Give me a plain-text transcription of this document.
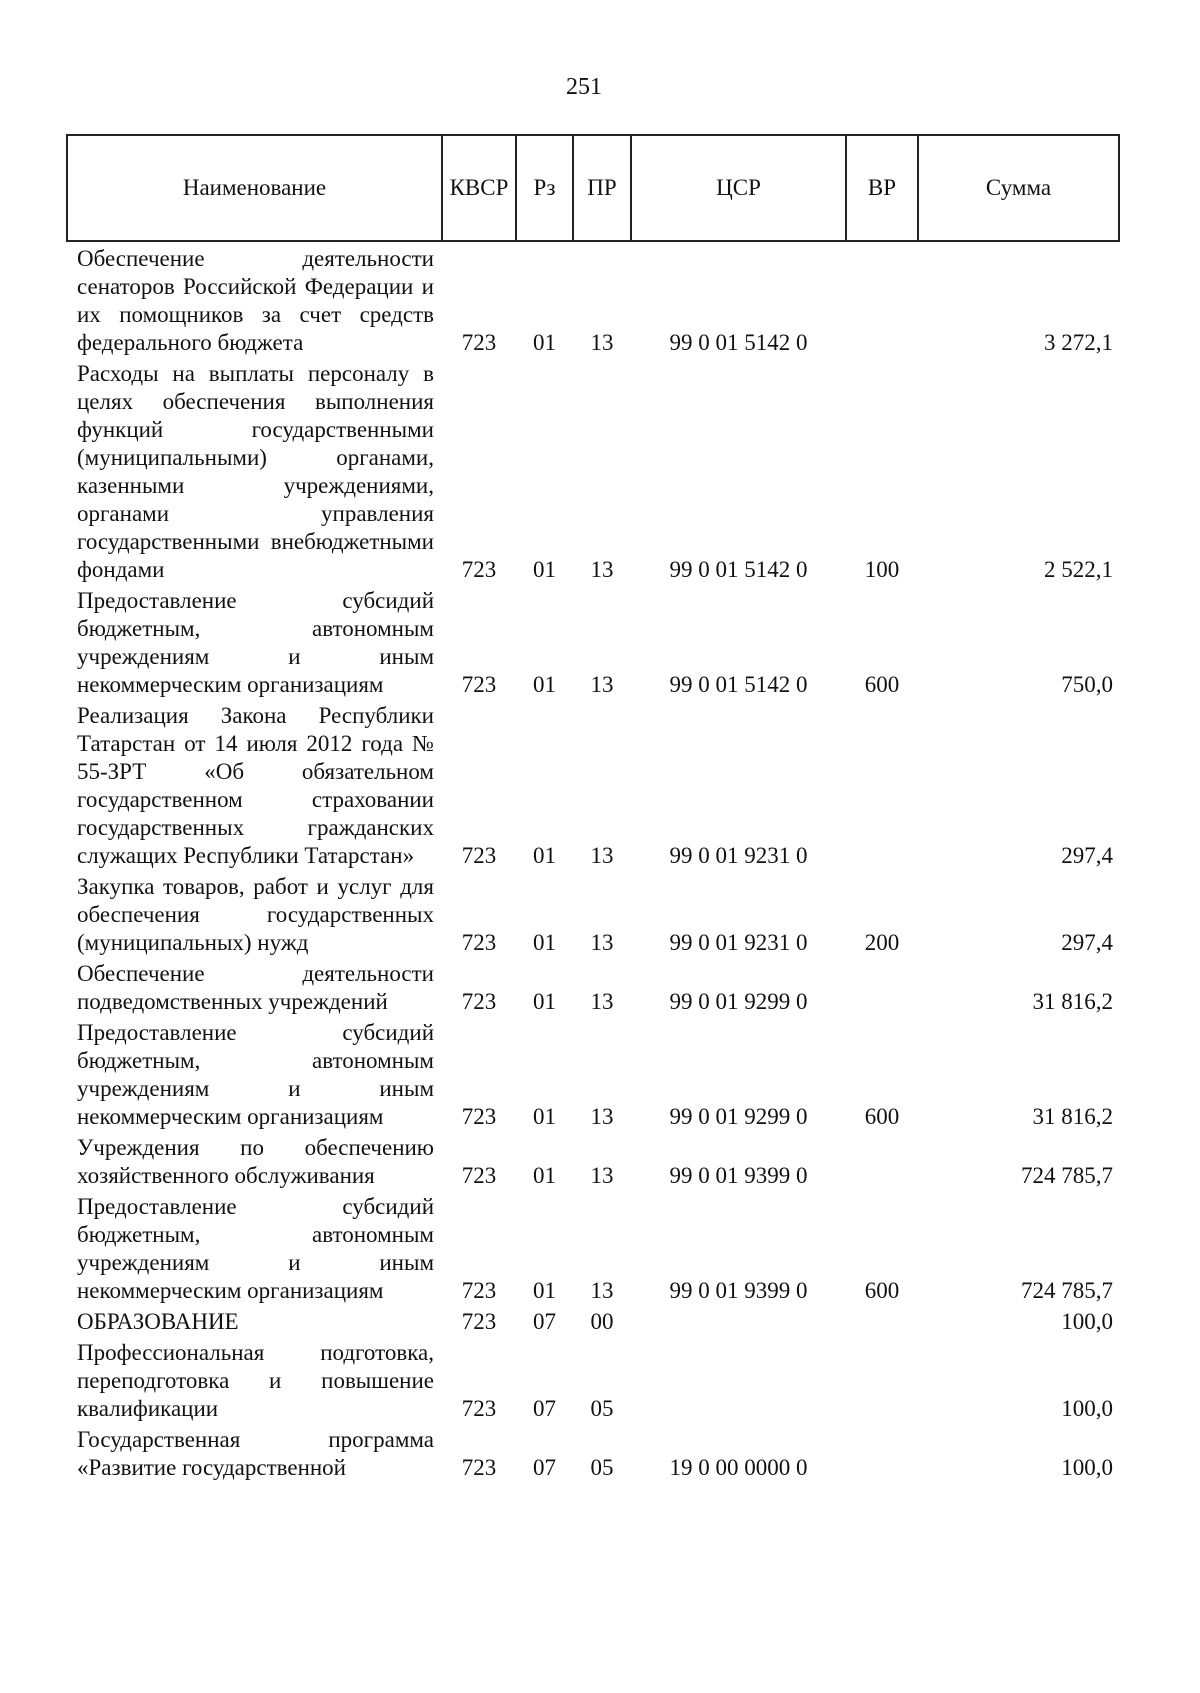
251
Наименование	КВСР	Рз	ПР	ЦСР	ВР	Сумма
Обеспечение деятельности сенаторов Российской Федерации и их помощников за счет средств федерального бюджета	723	01	13	99 0 01 5142 0		3 272,1
Расходы на выплаты персоналу в целях обеспечения выполнения функций государственными (муниципальными) органами, казенными учреждениями, органами управления государственными внебюджетными фондами	723	01	13	99 0 01 5142 0	100	2 522,1
Предоставление субсидий бюджетным, автономным учреждениям и иным некоммерческим организациям	723	01	13	99 0 01 5142 0	600	750,0
Реализация Закона Республики Татарстан от 14 июля 2012 года № 55-ЗРТ «Об обязательном государственном страховании государственных гражданских служащих Республики Татарстан»	723	01	13	99 0 01 9231 0		297,4
Закупка товаров, работ и услуг для обеспечения государственных (муниципальных) нужд	723	01	13	99 0 01 9231 0	200	297,4
Обеспечение деятельности подведомственных учреждений	723	01	13	99 0 01 9299 0		31 816,2
Предоставление субсидий бюджетным, автономным учреждениям и иным некоммерческим организациям	723	01	13	99 0 01 9299 0	600	31 816,2
Учреждения по обеспечению хозяйственного обслуживания	723	01	13	99 0 01 9399 0		724 785,7
Предоставление субсидий бюджетным, автономным учреждениям и иным некоммерческим организациям	723	01	13	99 0 01 9399 0	600	724 785,7
ОБРАЗОВАНИЕ	723	07	00			100,0
Профессиональная подготовка, переподготовка и повышение квалификации	723	07	05			100,0
Государственная программа «Развитие государственной	723	07	05	19 0 00 0000 0		100,0
